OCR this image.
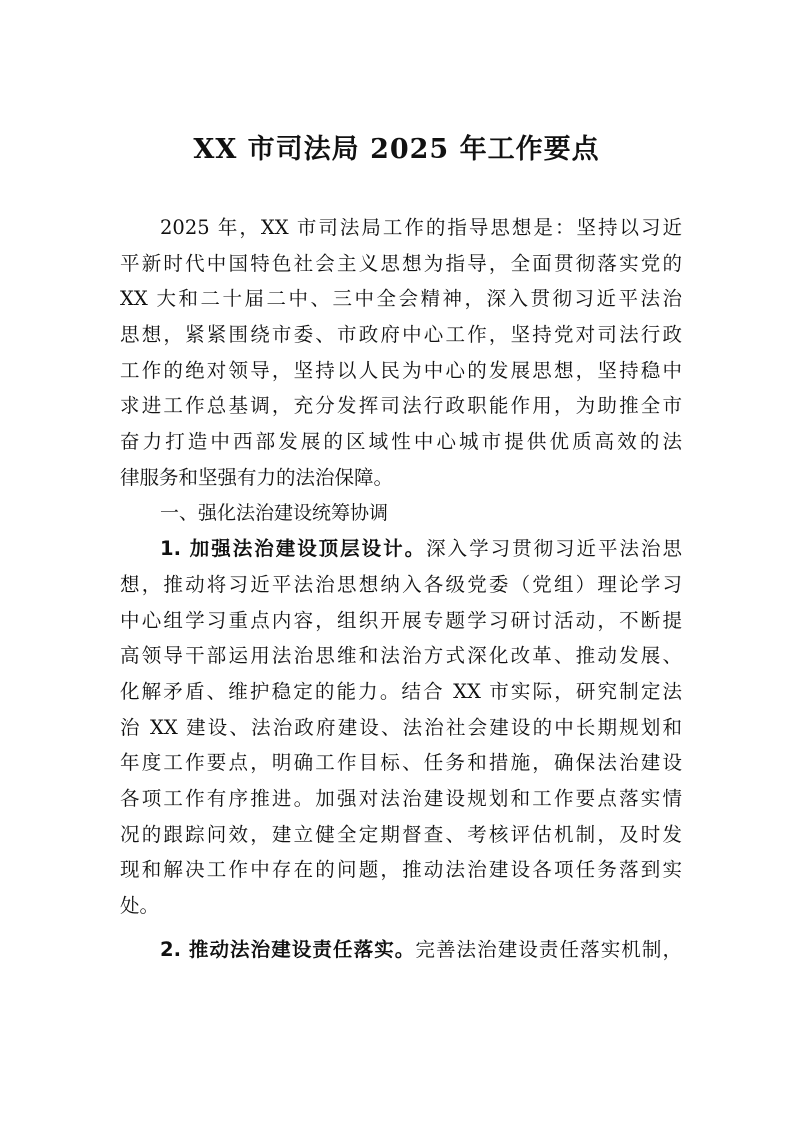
XX 市司法局 2025 年工作要点
2025 年，XX 市司法局工作的指导思想是：坚持以习近
平新时代中国特色社会主义思想为指导，全面贯彻落实党的
XX 大和二十届二中、三中全会精神，深入贯彻习近平法治
思想，紧紧围绕市委、市政府中心工作，坚持党对司法行政
工作的绝对领导，坚持以人民为中心的发展思想，坚持稳中
求进工作总基调，充分发挥司法行政职能作用，为助推全市
奋力打造中西部发展的区域性中心城市提供优质高效的法
律服务和坚强有力的法治保障。
一、强化法治建设统筹协调
1. 加强法治建设顶层设计。深入学习贯彻习近平法治思
想，推动将习近平法治思想纳入各级党委（党组）理论学习
中心组学习重点内容，组织开展专题学习研讨活动，不断提
高领导干部运用法治思维和法治方式深化改革、推动发展、
化解矛盾、维护稳定的能力。结合 XX 市实际，研究制定法
治 XX 建设、法治政府建设、法治社会建设的中长期规划和
年度工作要点，明确工作目标、任务和措施，确保法治建设
各项工作有序推进。加强对法治建设规划和工作要点落实情
况的跟踪问效，建立健全定期督查、考核评估机制，及时发
现和解决工作中存在的问题，推动法治建设各项任务落到实
处。
2. 推动法治建设责任落实。完善法治建设责任落实机制，
